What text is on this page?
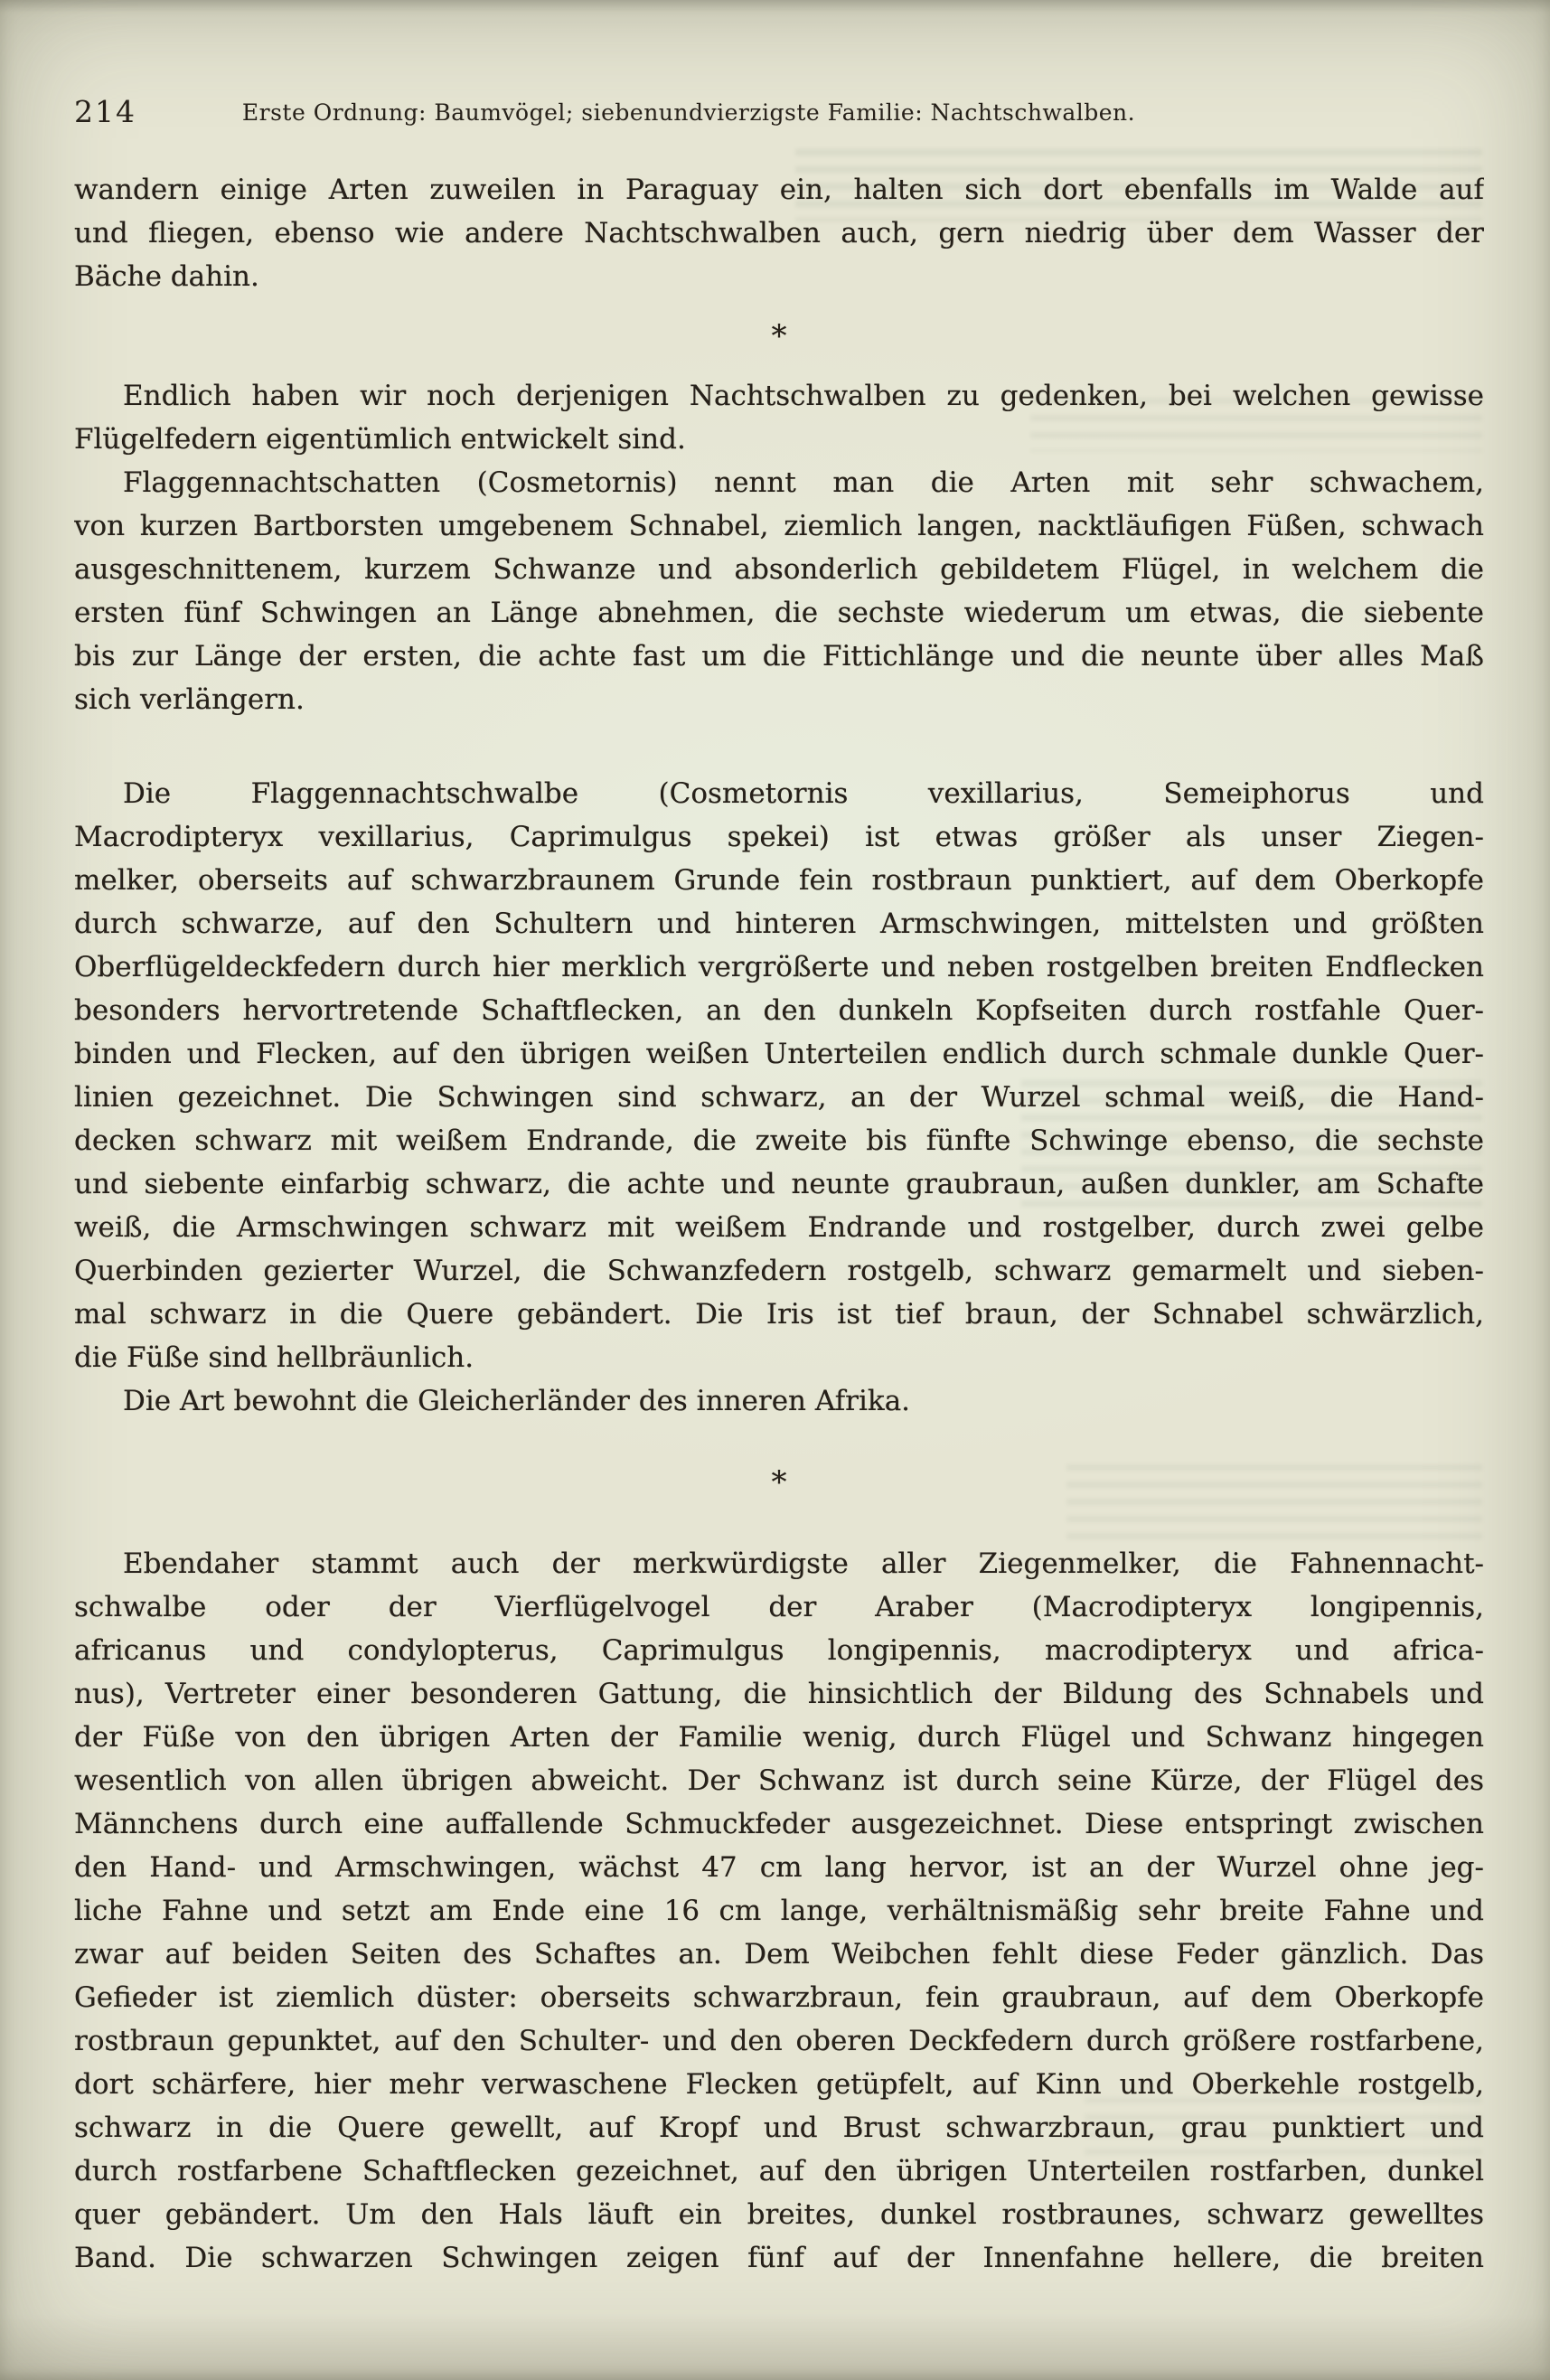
214	Erste Ordnung: Baumvögel; siebenundvierzigste Familie: Nachtschwalben.
wandern einige Arten zuweilen in Paraguay ein, halten sich dort ebenfalls im Walde auf
und fliegen, ebenso wie andere Nachtschwalben auch, gern niedrig über dem Wasser der
Bäche dahin.
*
Endlich haben wir noch derjenigen Nachtschwalben zu gedenken, bei welchen gewisse
Flügelfedern eigentümlich entwickelt sind.
Flaggennachtschatten (Cosmetornis) nennt man die Arten mit sehr schwachem,
von kurzen Bartborsten umgebenem Schnabel, ziemlich langen, nacktläufigen Füßen, schwach
ausgeschnittenem, kurzem Schwanze und absonderlich gebildetem Flügel, in welchem die
ersten fünf Schwingen an Länge abnehmen, die sechste wiederum um etwas, die siebente
bis zur Länge der ersten, die achte fast um die Fittichlänge und die neunte über alles Maß
sich verlängern.
Die Flaggennachtschwalbe (Cosmetornis vexillarius, Semeiphorus und
Macrodipteryx vexillarius, Caprimulgus spekei) ist etwas größer als unser Ziegen-
melker, oberseits auf schwarzbraunem Grunde fein rostbraun punktiert, auf dem Oberkopfe
durch schwarze, auf den Schultern und hinteren Armschwingen, mittelsten und größten
Oberflügeldeckfedern durch hier merklich vergrößerte und neben rostgelben breiten Endflecken
besonders hervortretende Schaftflecken, an den dunkeln Kopfseiten durch rostfahle Quer-
binden und Flecken, auf den übrigen weißen Unterteilen endlich durch schmale dunkle Quer-
linien gezeichnet. Die Schwingen sind schwarz, an der Wurzel schmal weiß, die Hand-
decken schwarz mit weißem Endrande, die zweite bis fünfte Schwinge ebenso, die sechste
und siebente einfarbig schwarz, die achte und neunte graubraun, außen dunkler, am Schafte
weiß, die Armschwingen schwarz mit weißem Endrande und rostgelber, durch zwei gelbe
Querbinden gezierter Wurzel, die Schwanzfedern rostgelb, schwarz gemarmelt und sieben-
mal schwarz in die Quere gebändert. Die Iris ist tief braun, der Schnabel schwärzlich,
die Füße sind hellbräunlich.
Die Art bewohnt die Gleicherländer des inneren Afrika.
*
Ebendaher stammt auch der merkwürdigste aller Ziegenmelker, die Fahnennacht-
schwalbe oder der Vierflügelvogel der Araber (Macrodipteryx longipennis,
africanus und condylopterus, Caprimulgus longipennis, macrodipteryx und africa-
nus), Vertreter einer besonderen Gattung, die hinsichtlich der Bildung des Schnabels und
der Füße von den übrigen Arten der Familie wenig, durch Flügel und Schwanz hingegen
wesentlich von allen übrigen abweicht. Der Schwanz ist durch seine Kürze, der Flügel des
Männchens durch eine auffallende Schmuckfeder ausgezeichnet. Diese entspringt zwischen
den Hand- und Armschwingen, wächst 47 cm lang hervor, ist an der Wurzel ohne jeg-
liche Fahne und setzt am Ende eine 16 cm lange, verhältnismäßig sehr breite Fahne und
zwar auf beiden Seiten des Schaftes an. Dem Weibchen fehlt diese Feder gänzlich. Das
Gefieder ist ziemlich düster: oberseits schwarzbraun, fein graubraun, auf dem Oberkopfe
rostbraun gepunktet, auf den Schulter- und den oberen Deckfedern durch größere rostfarbene,
dort schärfere, hier mehr verwaschene Flecken getüpfelt, auf Kinn und Oberkehle rostgelb,
schwarz in die Quere gewellt, auf Kropf und Brust schwarzbraun, grau punktiert und
durch rostfarbene Schaftflecken gezeichnet, auf den übrigen Unterteilen rostfarben, dunkel
quer gebändert. Um den Hals läuft ein breites, dunkel rostbraunes, schwarz gewelltes
Band. Die schwarzen Schwingen zeigen fünf auf der Innenfahne hellere, die breiten
